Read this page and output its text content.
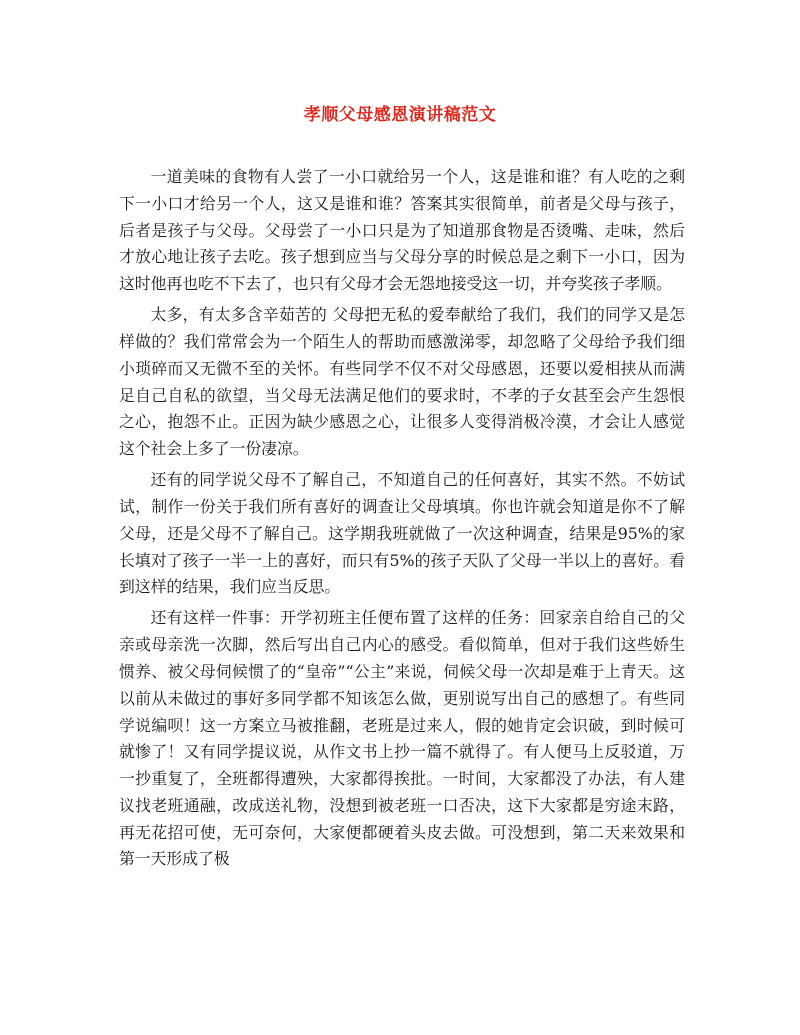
孝顺父母感恩演讲稿范文

一道美味的食物有人尝了一小口就给另一个人，这是谁和谁？有人吃的之剩下一小口才给另一个人，这又是谁和谁？答案其实很简单，前者是父母与孩子，后者是孩子与父母。父母尝了一小口只是为了知道那食物是否烫嘴、走味，然后才放心地让孩子去吃。孩子想到应当与父母分享的时候总是之剩下一小口，因为这时他再也吃不下去了，也只有父母才会无怨地接受这一切，并夸奖孩子孝顺。

太多，有太多含辛茹苦的 父母把无私的爱奉献给了我们，我们的同学又是怎样做的？我们常常会为一个陌生人的帮助而感激涕零，却忽略了父母给予我们细小琐碎而又无微不至的关怀。有些同学不仅不对父母感恩，还要以爱相挟从而满足自己自私的欲望，当父母无法满足他们的要求时，不孝的子女甚至会产生怨恨之心，抱怨不止。正因为缺少感恩之心，让很多人变得消极冷漠，才会让人感觉这个社会上多了一份凄凉。

还有的同学说父母不了解自己，不知道自己的任何喜好，其实不然。不妨试试，制作一份关于我们所有喜好的调查让父母填填。你也许就会知道是你不了解父母，还是父母不了解自己。这学期我班就做了一次这种调查，结果是95%的家长填对了孩子一半一上的喜好，而只有5%的孩子天队了父母一半以上的喜好。看到这样的结果，我们应当反思。

还有这样一件事：开学初班主任便布置了这样的任务：回家亲自给自己的父亲或母亲洗一次脚，然后写出自己内心的感受。看似简单，但对于我们这些娇生惯养、被父母伺候惯了的“皇帝”“公主”来说，伺候父母一次却是难于上青天。这以前从未做过的事好多同学都不知该怎么做，更别说写出自己的感想了。有些同学说编呗！这一方案立马被推翻，老班是过来人，假的她肯定会识破，到时候可就惨了！又有同学提议说，从作文书上抄一篇不就得了。有人便马上反驳道，万一抄重复了，全班都得遭殃，大家都得挨批。一时间，大家都没了办法，有人建议找老班通融，改成送礼物，没想到被老班一口否决，这下大家都是穷途末路，再无花招可使，无可奈何，大家便都硬着头皮去做。可没想到，第二天来效果和第一天形成了极
